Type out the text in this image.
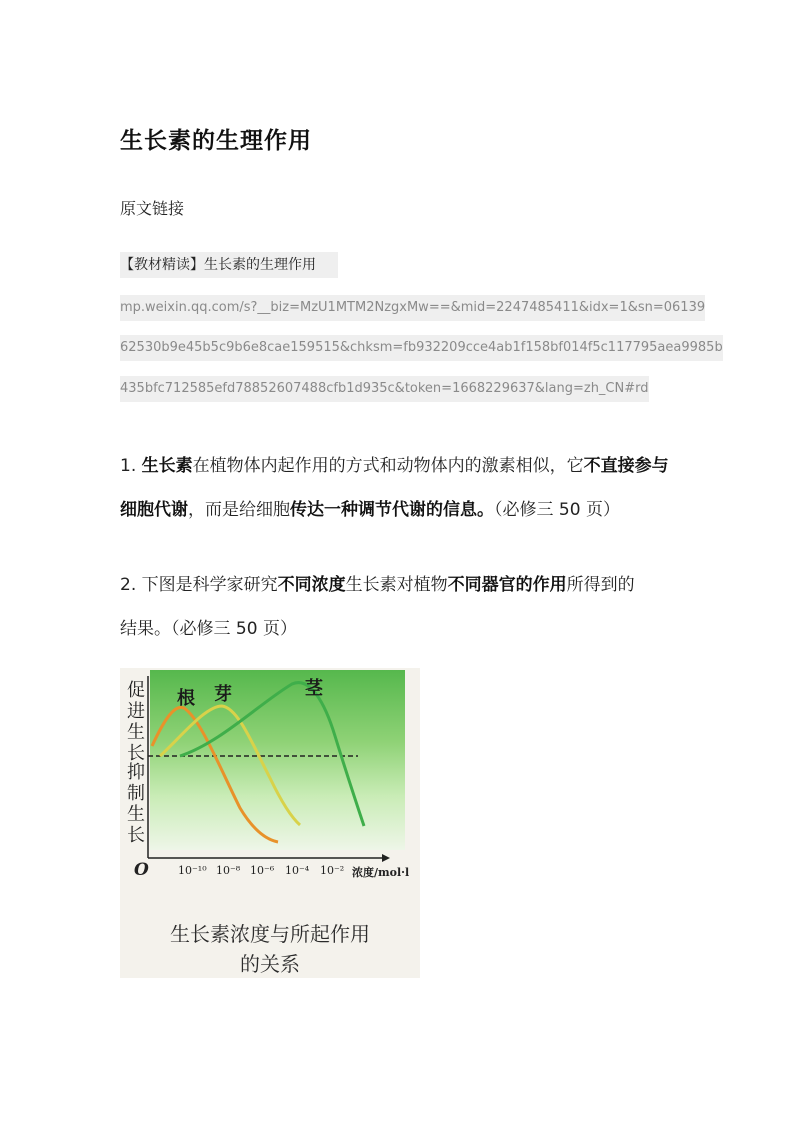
生长素的生理作用
原文链接
【教材精读】生长素的生理作用
mp.weixin.qq.com/s?__biz=MzU1MTM2NzgxMw==&mid=2247485411&idx=1&sn=06139
62530b9e45b5c9b6e8cae159515&chksm=fb932209cce4ab1f158bf014f5c117795aea9985b
435bfc712585efd78852607488cfb1d935c&token=1668229637&lang=zh_CN#rd
1. 生长素在植物体内起作用的方式和动物体内的激素相似，它不直接参与细胞代谢，而是给细胞传达一种调节代谢的信息。（必修三 50 页）
2. 下图是科学家研究不同浓度生长素对植物不同器官的作用所得到的
结果。（必修三 50 页）
促进生长
抑制生长
根 芽	茎
O	10⁻¹⁰ 10⁻⁸ 10⁻⁶ 10⁻⁴ 10⁻² 浓度/mol·l
生长素浓度与所起作用
的关系
